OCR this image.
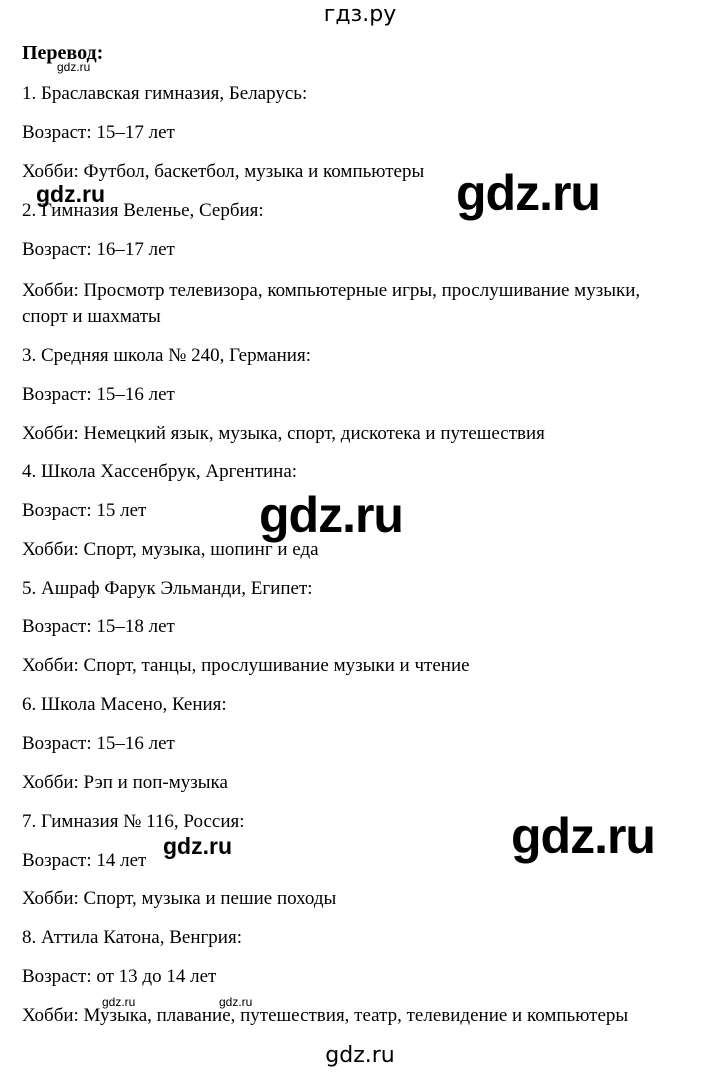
гдз.ру
Перевод:
1. Браславская гимназия, Беларусь:
Возраст: 15–17 лет
Хобби: Футбол, баскетбол, музыка и компьютеры
2. Гимназия Веленье, Сербия:
Возраст: 16–17 лет
Хобби: Просмотр телевизора, компьютерные игры, прослушивание музыки,
спорт и шахматы
3. Средняя школа № 240, Германия:
Возраст: 15–16 лет
Хобби: Немецкий язык, музыка, спорт, дискотека и путешествия
4. Школа Хассенбрук, Аргентина:
Возраст: 15 лет
Хобби: Спорт, музыка, шопинг и еда
5. Ашраф Фарук Эльманди, Египет:
Возраст: 15–18 лет
Хобби: Спорт, танцы, прослушивание музыки и чтение
6. Школа Масено, Кения:
Возраст: 15–16 лет
Хобби: Рэп и поп-музыка
7. Гимназия № 116, Россия:
Возраст: 14 лет
Хобби: Спорт, музыка и пешие походы
8. Аттила Катона, Венгрия:
Возраст: от 13 до 14 лет
Хобби: Музыка, плавание, путешествия, театр, телевидение и компьютеры
gdz.ru
gdz.ru	gdz.ru
gdz.ru
gdz.ru
gdz.ru
gdz.ru	gdz.ru
gdz.ru
